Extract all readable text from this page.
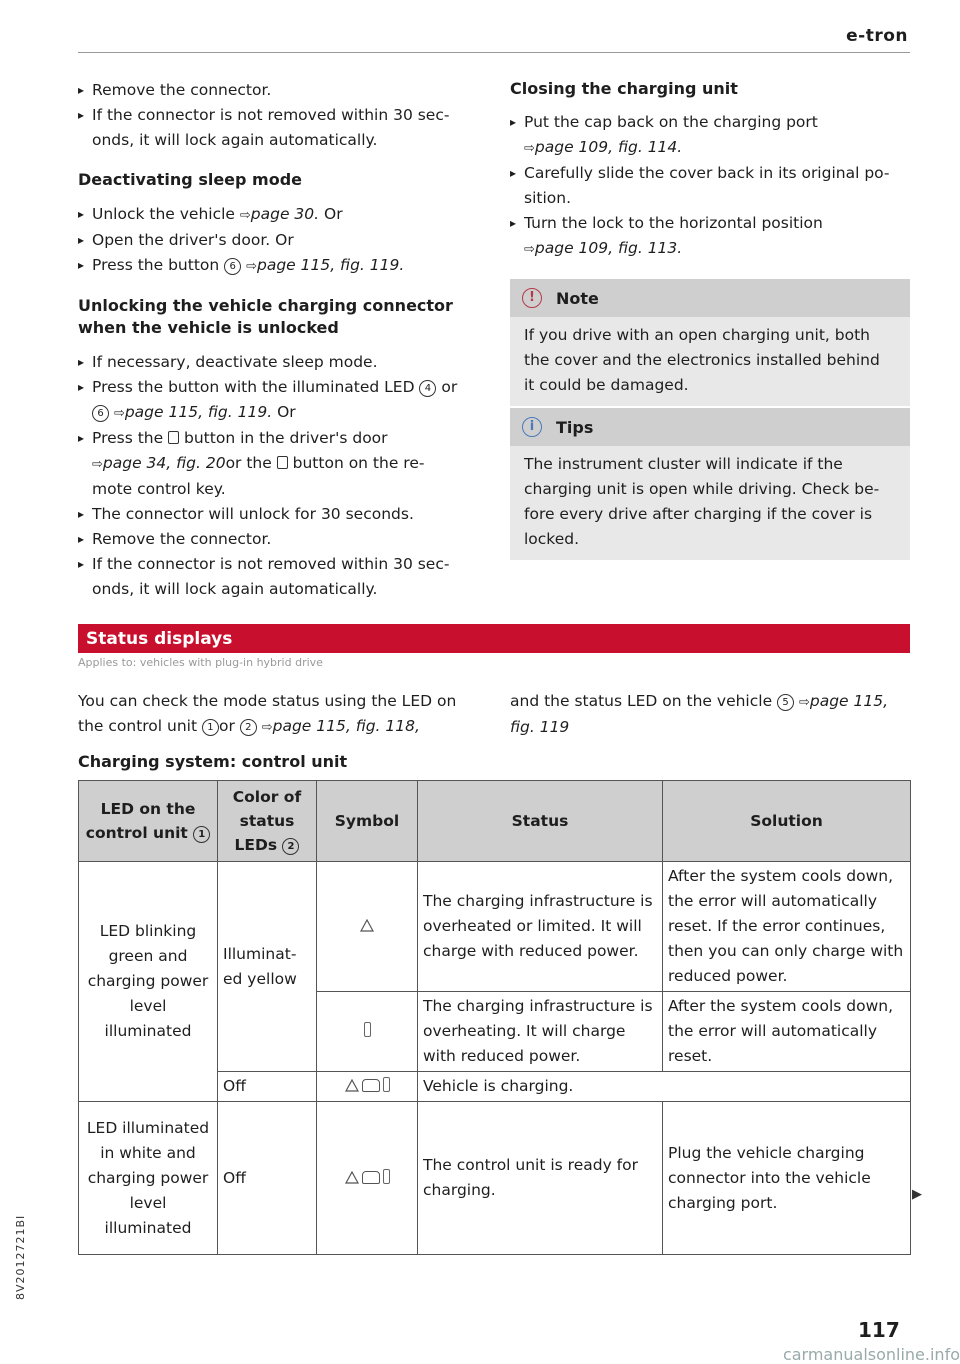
e-tron

▸ Remove the connector.

▸ If the connector is not removed within 30 sec-

onds, it will lock again automatically.

Deactivating sleep mode

▸ Unlock the vehicle ⇨page 30. Or

▸ Open the driver's door. Or

▸ Press the button 6 ⇨page 115, fig. 119.

Unlocking the vehicle charging connector

when the vehicle is unlocked

▸ If necessary, deactivate sleep mode.

▸ Press the button with the illuminated LED 4 or

6 ⇨page 115, fig. 119. Or

▸ Press the  button in the driver's door

⇨page 34, fig. 20or the  button on the re-

mote control key.

▸ The connector will unlock for 30 seconds.

▸ Remove the connector.

▸ If the connector is not removed within 30 sec-

onds, it will lock again automatically.

Closing the charging unit

▸ Put the cap back on the charging port

⇨page 109, fig. 114.

▸ Carefully slide the cover back in its original po-

sition.

▸ Turn the lock to the horizontal position

⇨page 109, fig. 113.

!	Note
If you drive with an open charging unit, both
the cover and the electronics installed behind
it could be damaged.
i	Tips
The instrument cluster will indicate if the
charging unit is open while driving. Check be-
fore every drive after charging if the cover is
locked.
Status displays
Applies to: vehicles with plug-in hybrid drive

You can check the mode status using the LED on

the control unit 1 or 2 ⇨page 115, fig. 118,

and the status LED on the vehicle 5 ⇨page 115,

fig. 119

Charging system: control unit
LED on the
control unit 1	Color of
status
LEDs 2	Symbol	Status	Solution
LED blinking green and charging power level illuminated	Illuminat- ed yellow		The charging infrastructure is overheated or limited. It will charge with reduced power.	After the system cools down, the error will automatically reset. If the error continues, then you can only charge with reduced power.
			The charging infrastructure is overheating. It will charge with reduced power.	After the system cools down, the error will automatically reset.
	Off		Vehicle is charging.	
LED illuminated in white and charging power level illuminated	Off		The control unit is ready for charging.	Plug the vehicle charging connector into the vehicle charging port.	▶
117
8V2012721BI
carmanualsonline.info
